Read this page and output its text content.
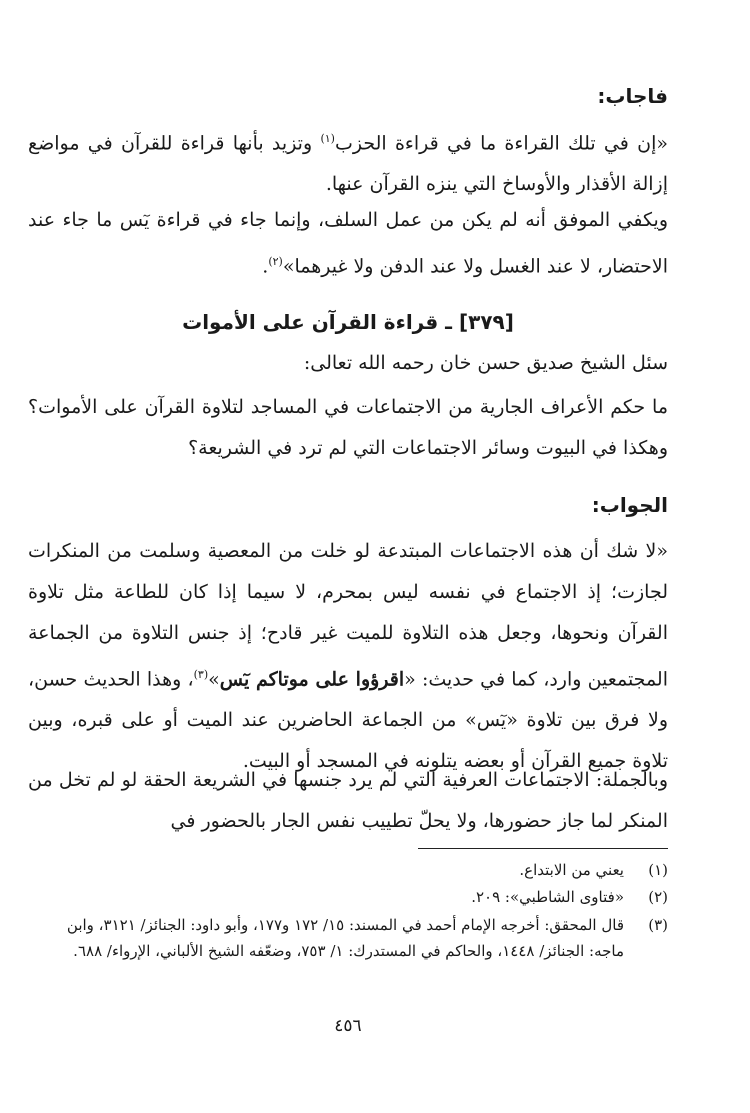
فاجاب:

«إن في تلك القراءة ما في قراءة الحزب$^{(١)}$ وتزيد بأنها قراءة للقرآن في مواضع إزالة الأقذار والأوساخ التي ينزه القرآن عنها.

ويكفي الموفق أنه لم يكن من عمل السلف، وإنما جاء في قراءة يٓس ما جاء عند الاحتضار، لا عند الغسل ولا عند الدفن ولا غيرهما»$^{(٢)}$.

[٣٧٩] ـ قراءة القرآن على الأموات

سئل الشيخ صديق حسن خان رحمه الله تعالى:

ما حكم الأعراف الجارية من الاجتماعات في المساجد لتلاوة القرآن على الأموات؟ وهكذا في البيوت وسائر الاجتماعات التي لم ترد في الشريعة؟

الجواب:

«لا شك أن هذه الاجتماعات المبتدعة لو خلت من المعصية وسلمت من المنكرات لجازت؛ إذ الاجتماع في نفسه ليس بمحرم، لا سيما إذا كان للطاعة مثل تلاوة القرآن ونحوها، وجعل هذه التلاوة للميت غير قادح؛ إذ جنس التلاوة من الجماعة المجتمعين وارد، كما في حديث: «اقرؤوا على موتاكم يٓس»$^{(٣)}$، وهذا الحديث حسن، ولا فرق بين تلاوة «يٓس» من الجماعة الحاضرين عند الميت أو على قبره، وبين تلاوة جميع القرآن أو بعضه يتلونه في المسجد أو البيت.

وبالجملة: الاجتماعات العرفية التي لم يرد جنسها في الشريعة الحقة لو لم تخل من المنكر لما جاز حضورها، ولا يحلّ تطييب نفس الجار بالحضور في

(١)يعني من الابتداع.

(٢)«فتاوى الشاطبي»: ٢٠٩.

(٣)

قال المحقق: أخرجه الإمام أحمد في المسند: ١٥/ ١٧٢ و١٧٧، وأبو داود: الجنائز/ ٣١٢١، وابن ماجه: الجنائز/ ١٤٤٨، والحاكم في المستدرك: ١/ ٧٥٣، وضعّفه الشيخ الألباني، الإرواء/ ٦٨٨.

٤٥٦
